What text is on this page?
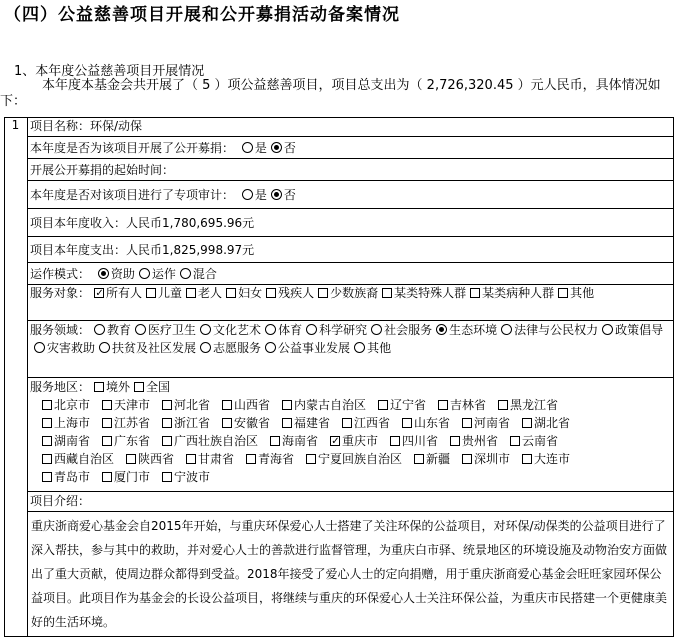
（四）公益慈善项目开展和公开募捐活动备案情况
1、本年度公益慈善项目开展情况
本年度本基金会共开展了（ 5 ）项公益慈善项目，项目总支出为（ 2,726,320.45 ）元人民币，具体情况如下：
1 项目名称：环保/动保
本年度是否为该项目开展了公开募捐： 是 否
开展公开募捐的起始时间：
本年度是否对该项目进行了专项审计： 是 否
项目本年度收入：人民币1,780,695.96元
项目本年度支出：人民币1,825,998.97元
运作模式： 资助 运作 混合
服务对象： ✓ 所有人 儿童 老人 妇女 残疾人 少数族裔 某类特殊人群 某类病种人群 其他
服务领域： 教育 医疗卫生 文化艺术 体育 科学研究 社会服务 生态环境 法律与公民权力 政策倡导灾害救助 扶贫及社区发展 志愿服务 公益事业发展 其他
服务地区： 境外 全国
北京市 天津市 河北省 山西省 内蒙古自治区 辽宁省 吉林省 黑龙江省
上海市 江苏省 浙江省 安徽省 福建省 江西省 山东省 河南省 湖北省
湖南省 广东省 广西壮族自治区 海南省 ✓ 重庆市 四川省 贵州省 云南省
西藏自治区 陕西省 甘肃省 青海省 宁夏回族自治区 新疆 深圳市 大连市
青岛市 厦门市 宁波市
项目介绍：
重庆浙商爱心基金会自2015年开始，与重庆环保爱心人士搭建了关注环保的公益项目，对环保/动保类的公益项目进行了深入帮扶，参与其中的救助，并对爱心人士的善款进行监督管理，为重庆白市驿、统景地区的环境设施及动物治安方面做出了重大贡献，使周边群众都得到受益。2018年接受了爱心人士的定向捐赠，用于重庆浙商爱心基金会旺旺家园环保公益项目。此项目作为基金会的长设公益项目，将继续与重庆的环保爱心人士关注环保公益，为重庆市民搭建一个更健康美好的生活环境。
